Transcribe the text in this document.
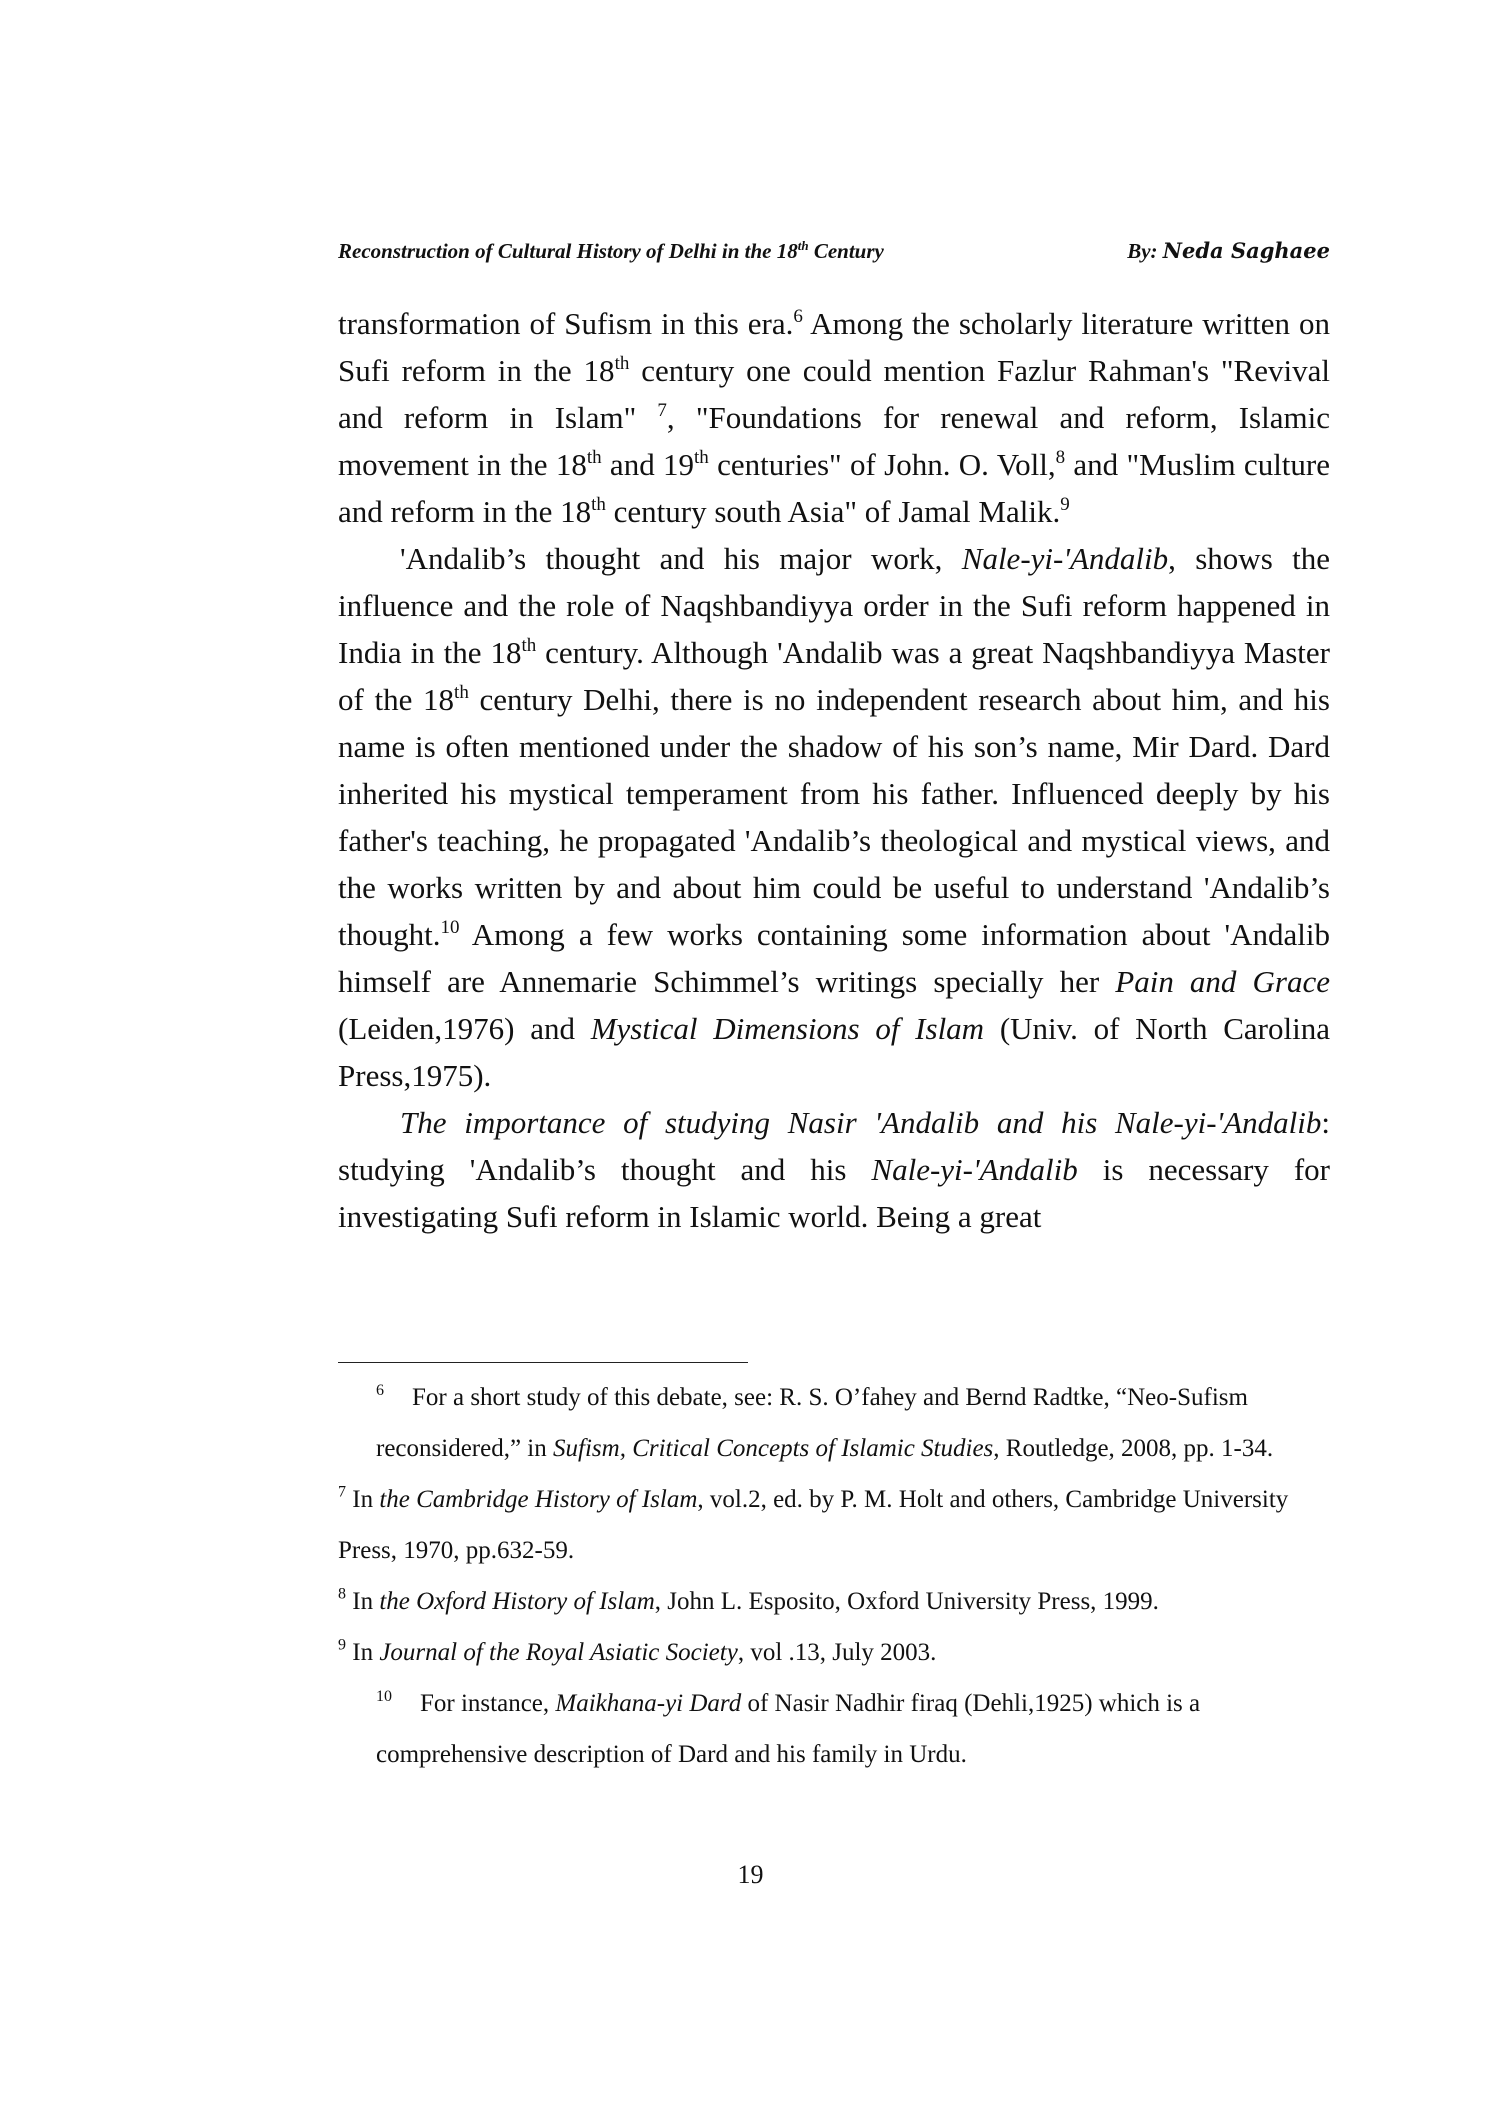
Reconstruction of Cultural History of Delhi in the 18th Century	By: Neda Saghaee

transformation of Sufism in this era.$^6$ Among the scholarly literature written on Sufi reform in the 18th century one could mention Fazlur Rahman's "Revival and reform in Islam" $^7$, "Foundations for renewal and reform, Islamic movement in the 18th and 19th centuries" of John. O. Voll,$^8$ and "Muslim culture and reform in the 18th century south Asia" of Jamal Malik.$^9$

'Andalib’s thought and his major work, Nale-yi-'Andalib, shows the influence and the role of Naqshbandiyya order in the Sufi reform happened in India in the 18th century. Although 'Andalib was a great Naqshbandiyya Master of the 18th century Delhi, there is no independent research about him, and his name is often mentioned under the shadow of his son’s name, Mir Dard. Dard inherited his mystical temperament from his father. Influenced deeply by his father's teaching, he propagated 'Andalib’s theological and mystical views, and the works written by and about him could be useful to understand 'Andalib’s thought.$^{10}$ Among a few works containing some information about 'Andalib himself are Annemarie Schimmel’s writings specially her Pain and Grace (Leiden,1976) and Mystical Dimensions of Islam (Univ. of North Carolina Press,1975).

The importance of studying Nasir 'Andalib and his Nale-yi-'Andalib: studying 'Andalib’s thought and his Nale-yi-'Andalib is necessary for investigating Sufi reform in Islamic world. Being a great

$^6$ For a short study of this debate, see: R. S. O’fahey and Bernd Radtke, “Neo-Sufism reconsidered,” in Sufism, Critical Concepts of Islamic Studies, Routledge, 2008, pp. 1-34.

$^7$ In the Cambridge History of Islam, vol.2, ed. by P. M. Holt and others, Cambridge University Press, 1970, pp.632-59.

$^8$ In the Oxford History of Islam, John L. Esposito, Oxford University Press, 1999.

$^9$ In Journal of the Royal Asiatic Society, vol .13, July 2003.

$^{10}$ For instance, Maikhana-yi Dard of Nasir Nadhir firaq (Dehli,1925) which is a comprehensive description of Dard and his family in Urdu.

19
